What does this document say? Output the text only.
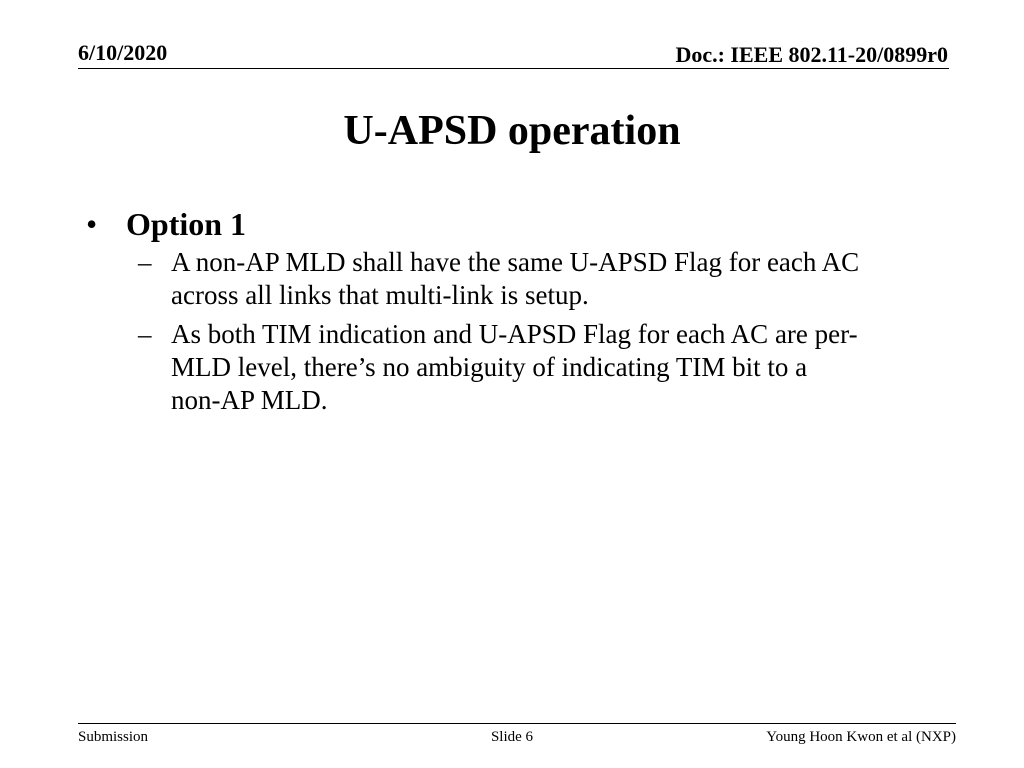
6/10/2020	Doc.: IEEE 802.11-20/0899r0
U-APSD operation
• Option 1
– A non-AP MLD shall have the same U-APSD Flag for each AC across all links that multi-link is setup.
– As both TIM indication and U-APSD Flag for each AC are per-MLD level, there’s no ambiguity of indicating TIM bit to a non-AP MLD.
Submission	Slide 6	Young Hoon Kwon et al (NXP)
